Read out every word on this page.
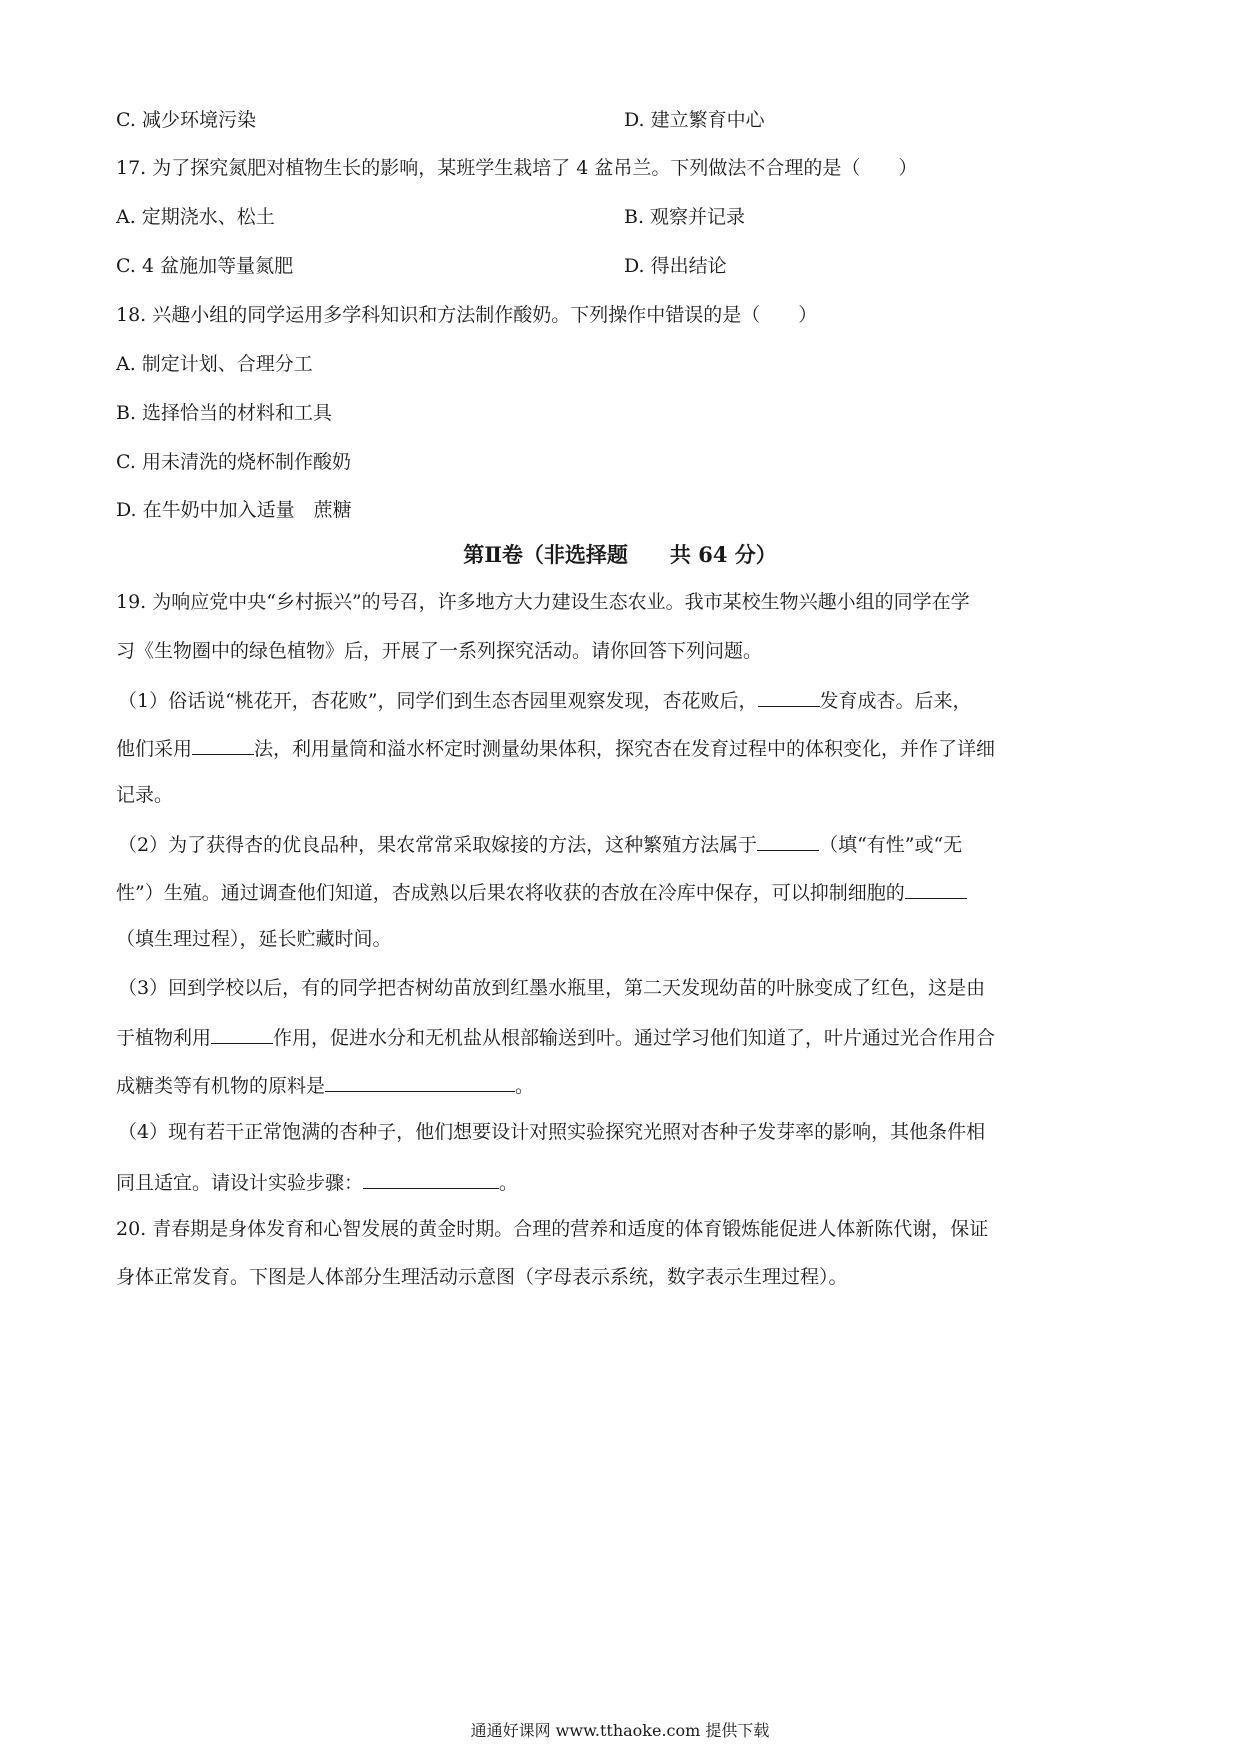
C. 减少环境污染	D. 建立繁育中心
17. 为了探究氮肥对植物生长的影响，某班学生栽培了 4 盆吊兰。下列做法不合理的是（　　）
A. 定期浇水、松土	B. 观察并记录
C. 4 盆施加等量氮肥	D. 得出结论
18. 兴趣小组的同学运用多学科知识和方法制作酸奶。下列操作中错误的是（　　）
A. 制定计划、合理分工
B. 选择恰当的材料和工具
C. 用未清洗的烧杯制作酸奶
D. 在牛奶中加入适量　蔗糖
第Ⅱ卷（非选择题　　共 64 分）
19. 为响应党中央“乡村振兴”的号召，许多地方大力建设生态农业。我市某校生物兴趣小组的同学在学
习《生物圈中的绿色植物》后，开展了一系列探究活动。请你回答下列问题。
（1）俗话说“桃花开，杏花败”，同学们到生态杏园里观察发现，杏花败后，	发育成杏。后来，
他们采用	法，利用量筒和溢水杯定时测量幼果体积，探究杏在发育过程中的体积变化，并作了详细
记录。
（2）为了获得杏的优良品种，果农常常采取嫁接的方法，这种繁殖方法属于	（填“有性”或“无
性”）生殖。通过调查他们知道，杏成熟以后果农将收获的杏放在冷库中保存，可以抑制细胞的
（填生理过程），延长贮藏时间。
（3）回到学校以后，有的同学把杏树幼苗放到红墨水瓶里，第二天发现幼苗的叶脉变成了红色，这是由
于植物利用	作用，促进水分和无机盐从根部输送到叶。通过学习他们知道了，叶片通过光合作用合
成糖类等有机物的原料是	。
（4）现有若干正常饱满的杏种子，他们想要设计对照实验探究光照对杏种子发芽率的影响，其他条件相
同且适宜。请设计实验步骤：	。
20. 青春期是身体发育和心智发展的黄金时期。合理的营养和适度的体育锻炼能促进人体新陈代谢，保证
身体正常发育。下图是人体部分生理活动示意图（字母表示系统，数字表示生理过程）。
通通好课网 www.tthaoke.com 提供下载
